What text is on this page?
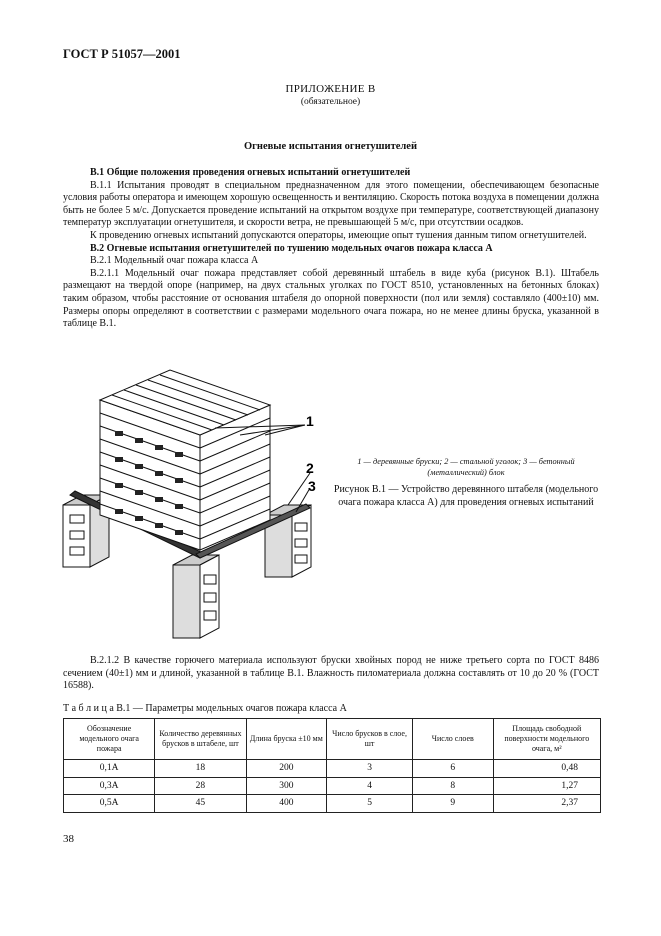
ГОСТ Р 51057—2001
ПРИЛОЖЕНИЕ В
(обязательное)
Огневые испытания огнетушителей

В.1 Общие положения проведения огневых испытаний огнетушителей

В.1.1 Испытания проводят в специальном предназначенном для этого помещении, обеспечивающем безопасные условия работы оператора и имеющем хорошую освещенность и вентиляцию. Скорость потока воздуха в помещении должна быть не более 5 м/с. Допускается проведение испытаний на открытом воздухе при температуре, соответствующей диапазону температур эксплуатации огнетушителя, и скорости ветра, не превышающей 5 м/с, при отсутствии осадков.

К проведению огневых испытаний допускаются операторы, имеющие опыт тушения данным типом огнетушителей.

В.2 Огневые испытания огнетушителей по тушению модельных очагов пожара класса А

В.2.1 Модельный очаг пожара класса А

В.2.1.1 Модельный очаг пожара представляет собой деревянный штабель в виде куба (рисунок В.1). Штабель размещают на твердой опоре (например, на двух стальных уголках по ГОСТ 8510, установленных на бетонных блоках) таким образом, чтобы расстояние от основания штабеля до опорной поверхности (пол или земля) составляло (400±10) мм. Размеры опоры определяют в соответствии с размерами модельного очага пожара, но не менее длины бруска, указанной в таблице В.1.

1
2
3
1 — деревянные бруски; 2 — стальной уголок; 3 — бетонный (металлический) блок
Рисунок В.1 — Устройство деревянного штабеля (модельного очага пожара класса А) для проведения огневых испытаний

В.2.1.2 В качестве горючего материала используют бруски хвойных пород не ниже третьего сорта по ГОСТ 8486 сечением (40±1) мм и длиной, указанной в таблице В.1. Влажность пиломатериала должна составлять от 10 до 20 % (ГОСТ 16588).

Т а б л и ц а В.1 — Параметры модельных очагов пожара класса А
Обозначение модельного очага пожара	Количество деревянных брусков в штабеле, шт	Длина бруска ±10 мм	Число брусков в слое, шт	Число слоев	Площадь свободной поверхности модельного очага, м²
0,1А	18	200	3	6	0,48
0,3А	28	300	4	8	1,27
0,5А	45	400	5	9	2,37
38
